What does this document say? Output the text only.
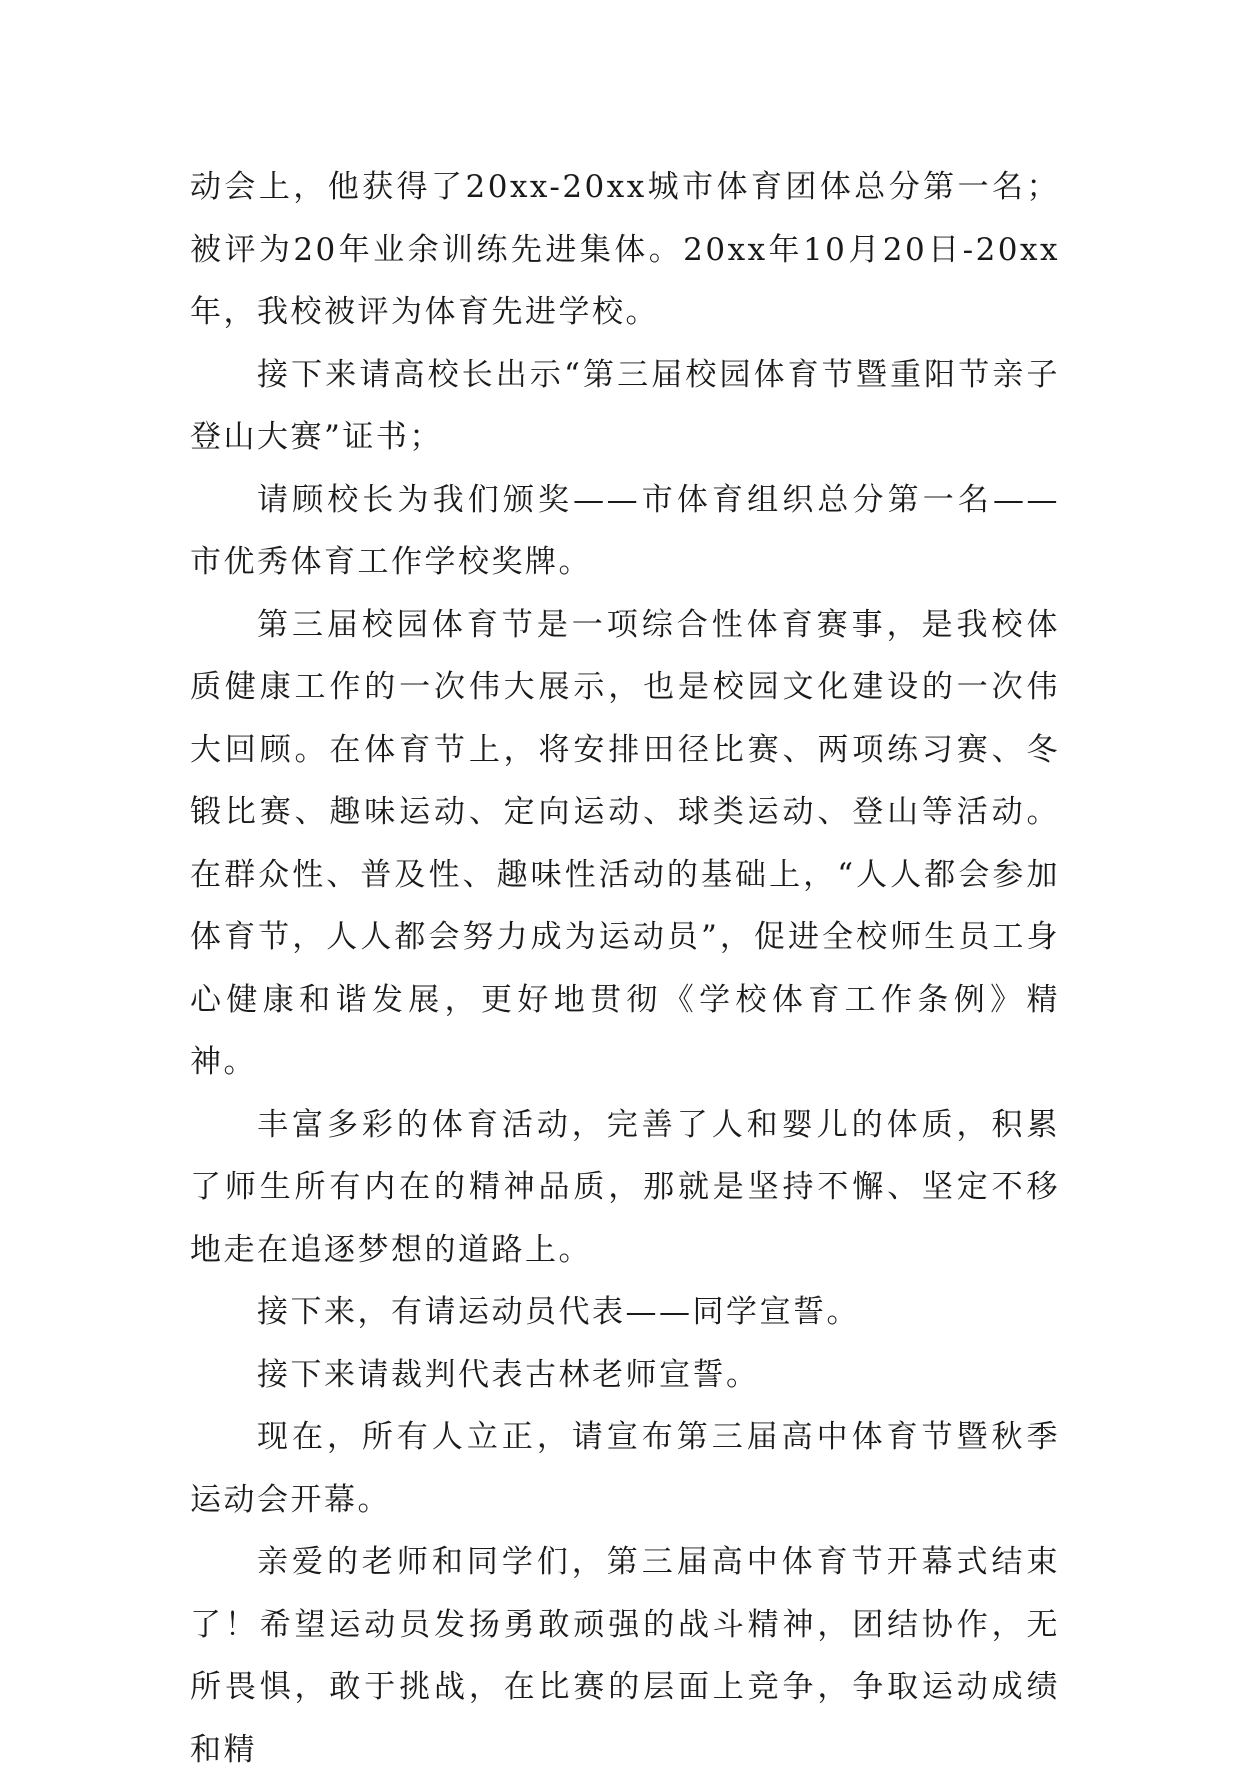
动会上，他获得了20xx-20xx城市体育团体总分第一名；被评为20年业余训练先进集体。20xx年10月20日-20xx年，我校被评为体育先进学校。

接下来请高校长出示“第三届校园体育节暨重阳节亲子登山大赛”证书；

请顾校长为我们颁奖——市体育组织总分第一名——市优秀体育工作学校奖牌。

第三届校园体育节是一项综合性体育赛事，是我校体质健康工作的一次伟大展示，也是校园文化建设的一次伟大回顾。在体育节上，将安排田径比赛、两项练习赛、冬锻比赛、趣味运动、定向运动、球类运动、登山等活动。在群众性、普及性、趣味性活动的基础上，“人人都会参加体育节，人人都会努力成为运动员”，促进全校师生员工身心健康和谐发展，更好地贯彻《学校体育工作条例》精神。

丰富多彩的体育活动，完善了人和婴儿的体质，积累了师生所有内在的精神品质，那就是坚持不懈、坚定不移地走在追逐梦想的道路上。

接下来，有请运动员代表——同学宣誓。

接下来请裁判代表古林老师宣誓。

现在，所有人立正，请宣布第三届高中体育节暨秋季运动会开幕。

亲爱的老师和同学们，第三届高中体育节开幕式结束了！希望运动员发扬勇敢顽强的战斗精神，团结协作，无所畏惧，敢于挑战，在比赛的层面上竞争，争取运动成绩和精
